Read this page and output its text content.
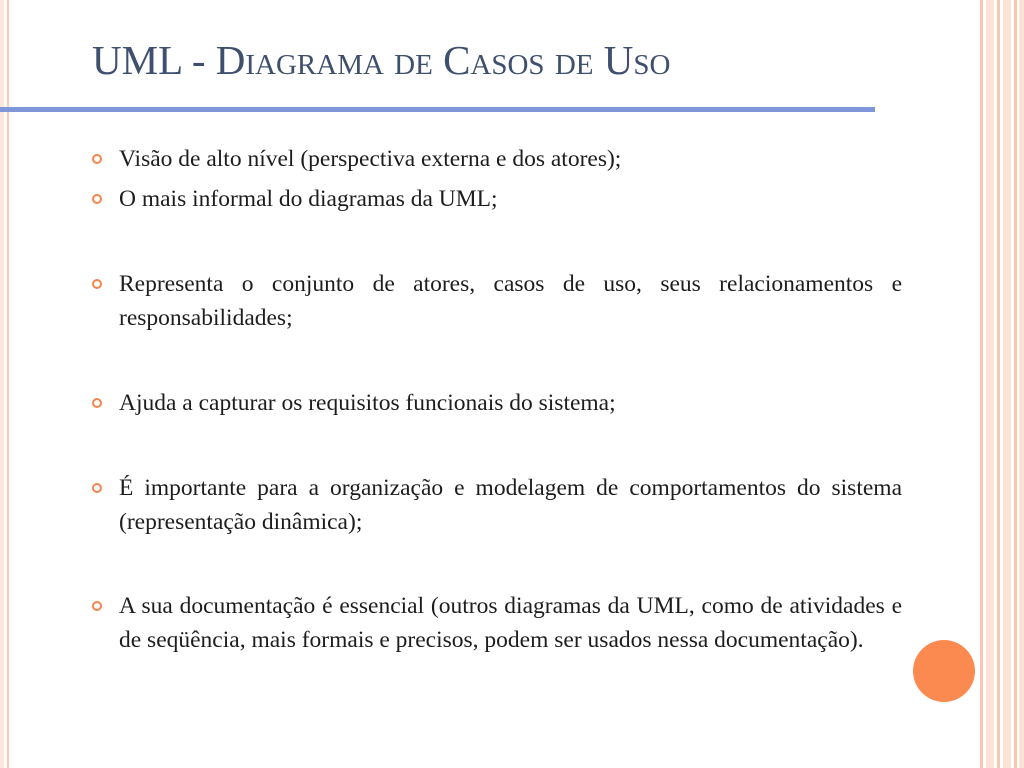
UML - Diagrama de Casos de Uso
Visão de alto nível (perspectiva externa e dos atores);
O mais informal do diagramas da UML;
Representa o conjunto de atores, casos de uso, seus relacionamentos e responsabilidades;
Ajuda a capturar os requisitos funcionais do sistema;
É importante para a organização e modelagem de comportamentos do sistema (representação dinâmica);
A sua documentação é essencial (outros diagramas da UML, como de atividades e de seqüência, mais formais e precisos, podem ser usados nessa documentação).
